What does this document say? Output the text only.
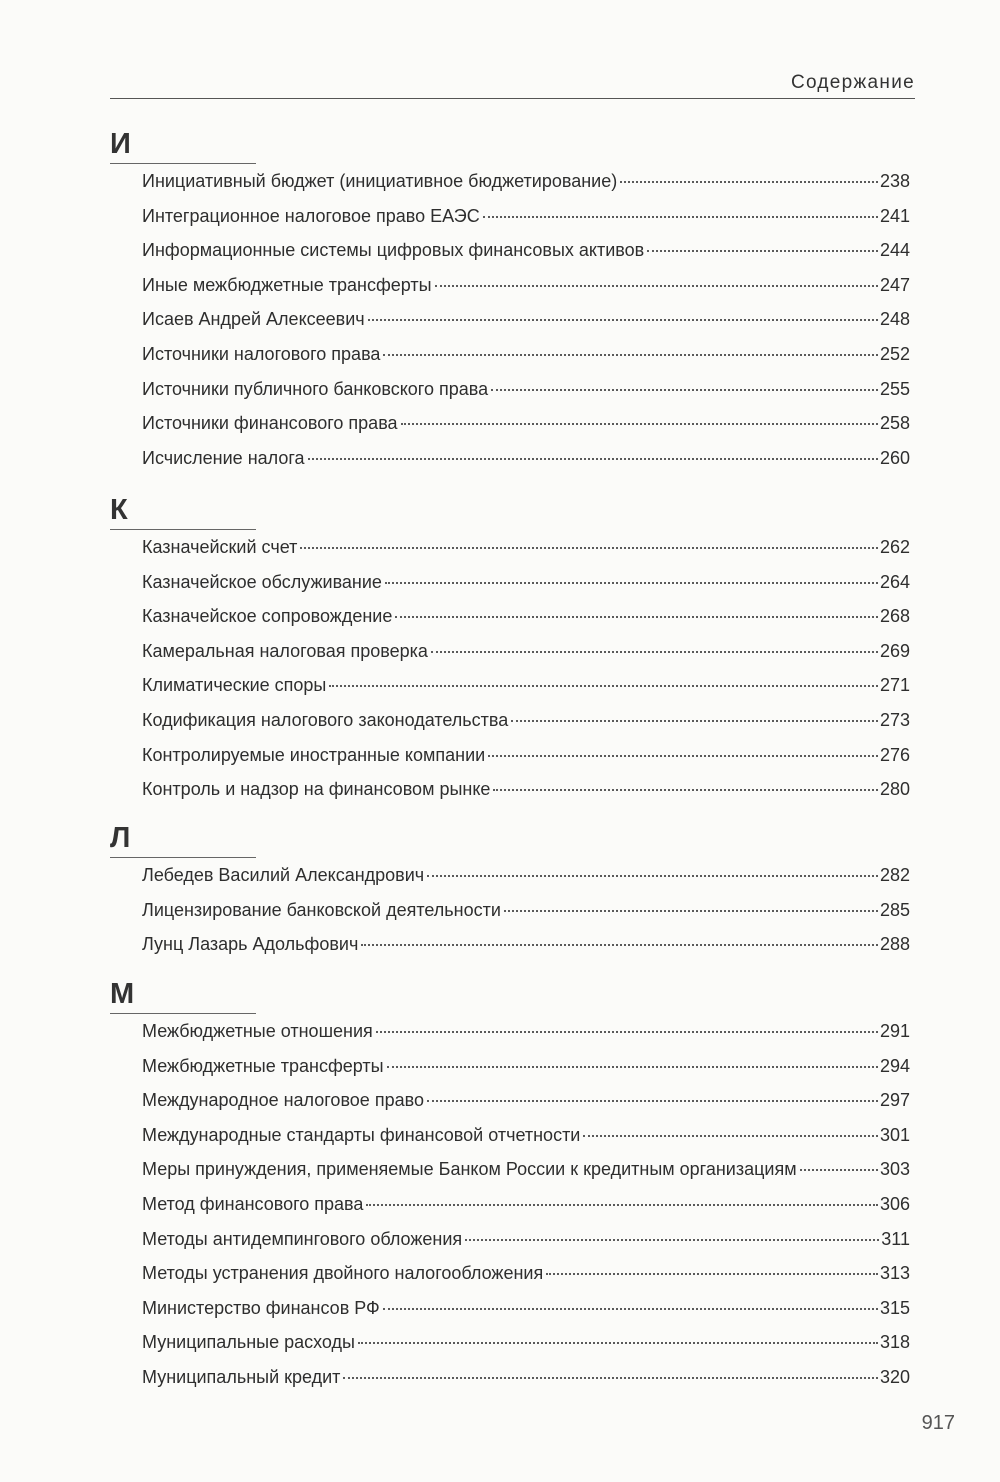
Содержание
И
Инициативный бюджет (инициативное бюджетирование)	238
Интеграционное налоговое право ЕАЭС	241
Информационные системы цифровых финансовых активов	244
Иные межбюджетные трансферты	247
Исаев Андрей Алексеевич	248
Источники налогового права	252
Источники публичного банковского права	255
Источники финансового права	258
Исчисление налога	260
К
Казначейский счет	262
Казначейское обслуживание	264
Казначейское сопровождение	268
Камеральная налоговая проверка	269
Климатические споры	271
Кодификация налогового законодательства	273
Контролируемые иностранные компании	276
Контроль и надзор на финансовом рынке	280
Л
Лебедев Василий Александрович	282
Лицензирование банковской деятельности	285
Лунц Лазарь Адольфович	288
М
Межбюджетные отношения	291
Межбюджетные трансферты	294
Международное налоговое право	297
Международные стандарты финансовой отчетности	301
Меры принуждения, применяемые Банком России к кредитным организациям	303
Метод финансового права	306
Методы антидемпингового обложения	311
Методы устранения двойного налогообложения	313
Министерство финансов РФ	315
Муниципальные расходы	318
Муниципальный кредит	320
917
